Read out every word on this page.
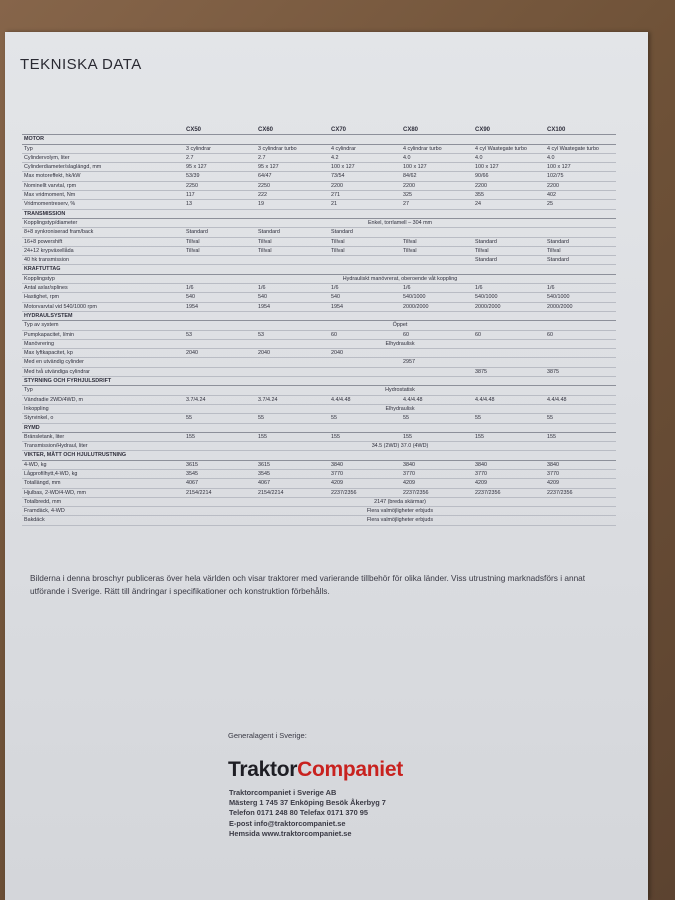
TEKNISKA DATA
	CX50	CX60	CX70	CX80	CX90	CX100
MOTOR						
Typ	3 cylindrar	3 cylindrar turbo	4 cylindrar	4 cylindrar turbo	4 cyl Wastegate turbo	4 cyl Wastegate turbo
Cylindervolym, liter	2.7	2.7	4.2	4.0	4.0	4.0
Cylinderdiameter/slaglängd, mm	95 x 127	95 x 127	100 x 127	100 x 127	100 x 127	100 x 127
Max motoreffekt, hk/kW	53/39	64/47	73/54	84/62	90/66	102/75
Nominellt varvtal, rpm	2250	2250	2200	2200	2200	2200
Max vridmoment, Nm	117	222	271	325	355	402
Vridmomentreserv, %	13	19	21	27	24	25
TRANSMISSION						
Kopplingstyp/diameter	Enkel, torrlamell – 304 mm					
8+8 synkroniserad fram/back	Standard	Standard	Standard			
16+8 powershift	Tillval	Tillval	Tillval	Tillval	Standard	Standard
24+12 krypväxellåda	Tillval	Tillval	Tillval	Tillval	Tillval	Tillval
40 hk transmission					Standard	Standard
KRAFTUTTAG						
Kopplingstyp	Hydrauliskt manövrerat, oberoende våt koppling					
Antal axlar/splines	1/6	1/6	1/6	1/6	1/6	1/6
Hastighet, rpm	540	540	540	540/1000	540/1000	540/1000
Motorvarvtal vid 540/1000 rpm	1954	1954	1954	2000/2000	2000/2000	2000/2000
HYDRAULSYSTEM						
Typ av system	Öppet					
Pumpkapacitet, l/min	53	53	60	60	60	60
Manövrering	Elhydraulisk					
Max lyftkapacitet, kp	2040	2040	2040			
Med en utvändig cylinder				2957		
Med två utvändiga cylindrar					3875	3875
STYRNING OCH FYRHJULSDRIFT						
Typ	Hydrostatisk					
Vändradie 2WD/4WD, m	3.7/4.24	3.7/4.24	4.4/4.48	4.4/4.48	4.4/4.48	4.4/4.48
Inkoppling	Elhydraulisk					
Styrvinkel, o	55	55	55	55	55	55
RYMD						
Bränsletank, liter	155	155	155	155	155	155
Transmission/Hydraul, liter	34.5 (2WD) 37.0 (4WD)					
VIKTER, MÅTT OCH HJULUTRUSTNING						
4-WD, kg	3615	3615	3840	3840	3840	3840
Lågprofilhytt,4-WD, kg	3545	3545	3770	3770	3770	3770
Totallängd, mm	4067	4067	4209	4209	4209	4209
Hjulbas, 2-WD/4-WD, mm	2154/2214	2154/2214	2237/2356	2237/2356	2237/2356	2237/2356
Totalbredd, mm	2147 (breda skärmar)					
Framdäck, 4-WD	Flera valmöjligheter erbjuds					
Bakdäck	Flera valmöjligheter erbjuds					

Bilderna i denna broschyr publiceras över hela världen och visar traktorer med varierande tillbehör för olika länder. Viss utrustning marknadsförs i annat utförande i Sverige. Rätt till ändringar i specifikationer och konstruktion förbehålls.

Generalagent i Sverige:
TraktorCompaniet
Traktorcompaniet i Sverige AB
Mästerg 1 745 37 Enköping Besök Åkerbyg 7
Telefon 0171 248 80 Telefax 0171 370 95
E-post info@traktorcompaniet.se
Hemsida www.traktorcompaniet.se
